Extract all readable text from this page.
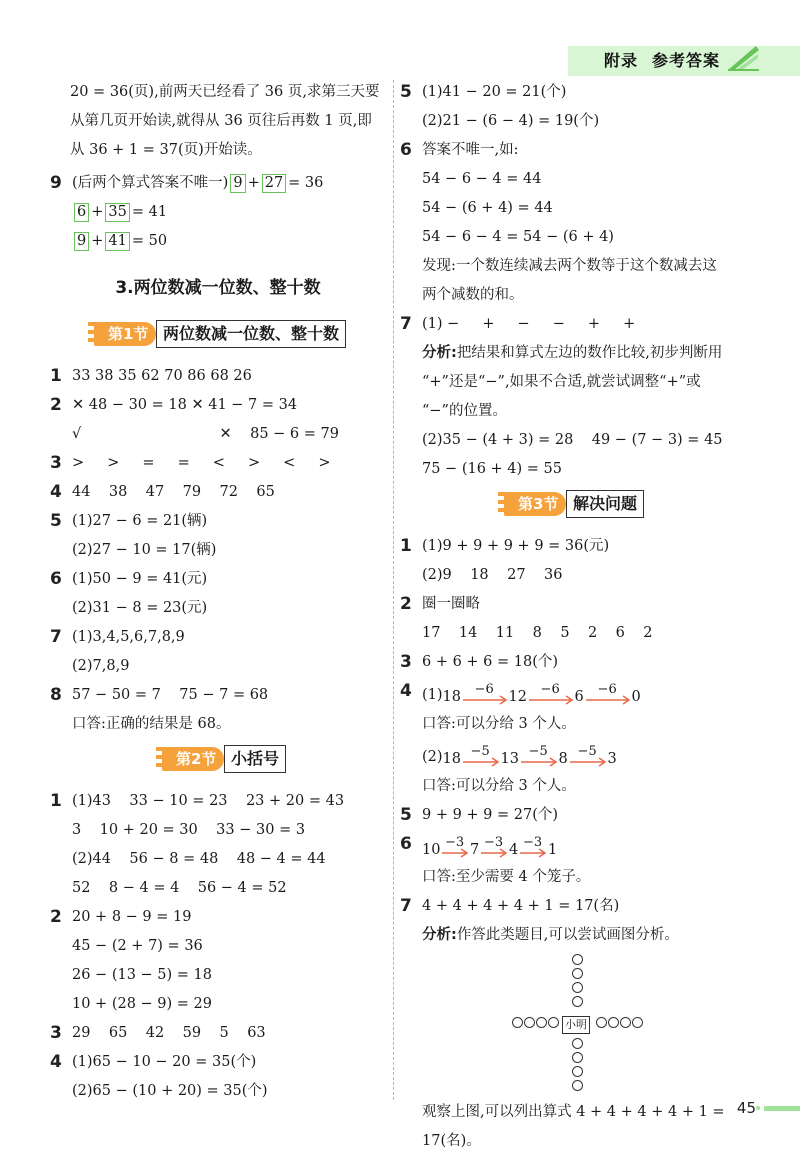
附录 参考答案
20 = 36(页),前两天已经看了 36 页,求第三天要
从第几页开始读,就得从 36 页往后再数 1 页,即
从 36 + 1 = 37(页)开始读。
9 (后两个算式答案不唯一) 9 + 27 = 36
6 + 35 = 41
9 + 41 = 50
3.两位数减一位数、整十数
第1节 两位数减一位数、整十数
1 33 38 35 62 70 86 68 26
2 ✕ 48 − 30 = 18 ✕ 41 − 7 = 34
√                              ✕    85 − 6 = 79
3 >     >     =     =     <     >     <     >
4 44    38    47    79    72    65
5 (1)27 − 6 = 21(辆)
(2)27 − 10 = 17(辆)
6 (1)50 − 9 = 41(元)
(2)31 − 8 = 23(元)
7 (1)3,4,5,6,7,8,9
(2)7,8,9
8 57 − 50 = 7    75 − 7 = 68
口答:正确的结果是 68。
第2节 小括号
1 (1)43    33 − 10 = 23    23 + 20 = 43
3    10 + 20 = 30    33 − 30 = 3
(2)44    56 − 8 = 48    48 − 4 = 44
52    8 − 4 = 4    56 − 4 = 52
2 20 + 8 − 9 = 19
45 − (2 + 7) = 36
26 − (13 − 5) = 18
10 + (28 − 9) = 29
3 29    65    42    59    5    63
4 (1)65 − 10 − 20 = 35(个)
(2)65 − (10 + 20) = 35(个)
5 (1)41 − 20 = 21(个)
(2)21 − (6 − 4) = 19(个)
6 答案不唯一,如:
54 − 6 − 4 = 44
54 − (6 + 4) = 44
54 − 6 − 4 = 54 − (6 + 4)
发现:一个数连续减去两个数等于这个数减去这
两个减数的和。
7 (1) −     +     −     −     +     +
分析:把结果和算式左边的数作比较,初步判断用
“+”还是“−”,如果不合适,就尝试调整“+”或
“−”的位置。
(2)35 − (4 + 3) = 28    49 − (7 − 3) = 45
75 − (16 + 4) = 55
第3节 解决问题
1 (1)9 + 9 + 9 + 9 = 36(元)
(2)9    18    27    36
2 圈一圈略
17    14    11    8    5    2    6    2
3 6 + 6 + 6 = 18(个)
4 (1) 18 −6 12 −6 6 −6 0
口答:可以分给 3 个人。
(2) 18 −5 13 −5 8 −5 3
口答:可以分给 3 个人。
5 9 + 9 + 9 = 27(个)
6 10 −3 7 −3 4 −3 1
口答:至少需要 4 个笼子。
7 4 + 4 + 4 + 4 + 1 = 17(名)
分析:作答此类题目,可以尝试画图分析。
小明
观察上图,可以列出算式 4 + 4 + 4 + 4 + 1 =
17(名)。
45
